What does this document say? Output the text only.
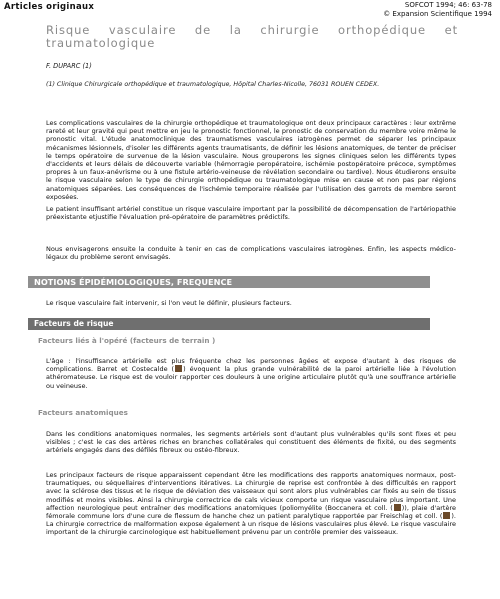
Articles originaux	SOFCOT 1994; 46: 63-78
© Expansion Scientifique 1994
Risque vasculaire de la chirurgie orthopédique et traumatologique
F. DUPARC (1)
(1) Clinique Chirurgicale orthopédique et traumatologique, Hôpital Charles-Nicolle, 76031 ROUEN CEDEX.
Les complications vasculaires de la chirurgie orthopédique et traumatologique ont deux principaux caractères : leur extrême rareté et leur gravité qui peut mettre en jeu le pronostic fonctionnel, le pronostic de conservation du membre voire même le pronostic vital. L'étude anatomoclinique des traumatismes vasculaires iatrogènes permet de séparer les principaux mécanismes lésionnels, d'isoler les différents agents traumatisants, de définir les lésions anatomiques, de tenter de préciser le temps opératoire de survenue de la lésion vasculaire. Nous grouperons les signes cliniques selon les différents types d'accidents et leurs délais de découverte variable (hémorragie peropératoire, ischémie postopératoire précoce, symptômes propres à un faux-anévrisme ou à une fistule artério-veineuse de révélation secondaire ou tardive). Nous étudierons ensuite le risque vasculaire selon le type de chirurgie orthopédique ou traumatologique mise en cause et non pas par régions anatomiques séparées. Les conséquences de l'ischémie temporaire réalisée par l'utilisation des garrots de membre seront exposées.
Le patient insuffisant artériel constitue un risque vasculaire important par la possibilité de décompensation de l'artériopathie préexistante etjustifie l'évaluation pré-opératoire de paramètres prédictifs.
Nous envisagerons ensuite la conduite à tenir en cas de complications vasculaires iatrogènes. Enfin, les aspects médico-légaux du problème seront envisagés.
NOTIONS ÉPIDÉMIOLOGIQUES, FREQUENCE
Le risque vasculaire fait intervenir, si l'on veut le définir, plusieurs facteurs.
Facteurs de risque
Facteurs liés à l'opéré (facteurs de terrain )
L'âge : l'insuffisance artérielle est plus fréquente chez les personnes âgées et expose d'autant à des risques de complications. Barret et Costecalde ( ) évoquent la plus grande vulnérabilité de la paroi artérielle liée à l'évolution athéromateuse. Le risque est de vouloir rapporter ces douleurs à une origine articulaire plutôt qu'à une souffrance artérielle ou veineuse.
Facteurs anatomiques
Dans les conditions anatomiques normales, les segments artériels sont d'autant plus vulnérables qu'ils sont fixes et peu visibles ; c'est le cas des artères riches en branches collatérales qui constituent des éléments de fixité, ou des segments artériels engagés dans des défilés fibreux ou ostéo-fibreux.
Les principaux facteurs de risque apparaissent cependant être les modifications des rapports anatomiques normaux, post-traumatiques, ou séquellaires d'interventions itératives. La chirurgie de reprise est confrontée à des difficultés en rapport avec la sclérose des tissus et le risque de déviation des vaisseaux qui sont alors plus vulnérables car fixés au sein de tissus modifiés et moins visibles. Ainsi la chirurgie correctrice de cals vicieux comporte un risque vasculaire plus important. Une affection neurologique peut entraîner des modifications anatomiques (poliomyélite (Boccanera et coll. ( )), plaie d'artère fémorale commune lors d'une cure de flessum de hanche chez un patient paralytique rapportée par Freischlag et coll. ( ). La chirurgie correctrice de malformation expose également à un risque de lésions vasculaires plus élevé. Le risque vasculaire important de la chirurgie carcinologique est habituellement prévenu par un contrôle premier des vaisseaux.
